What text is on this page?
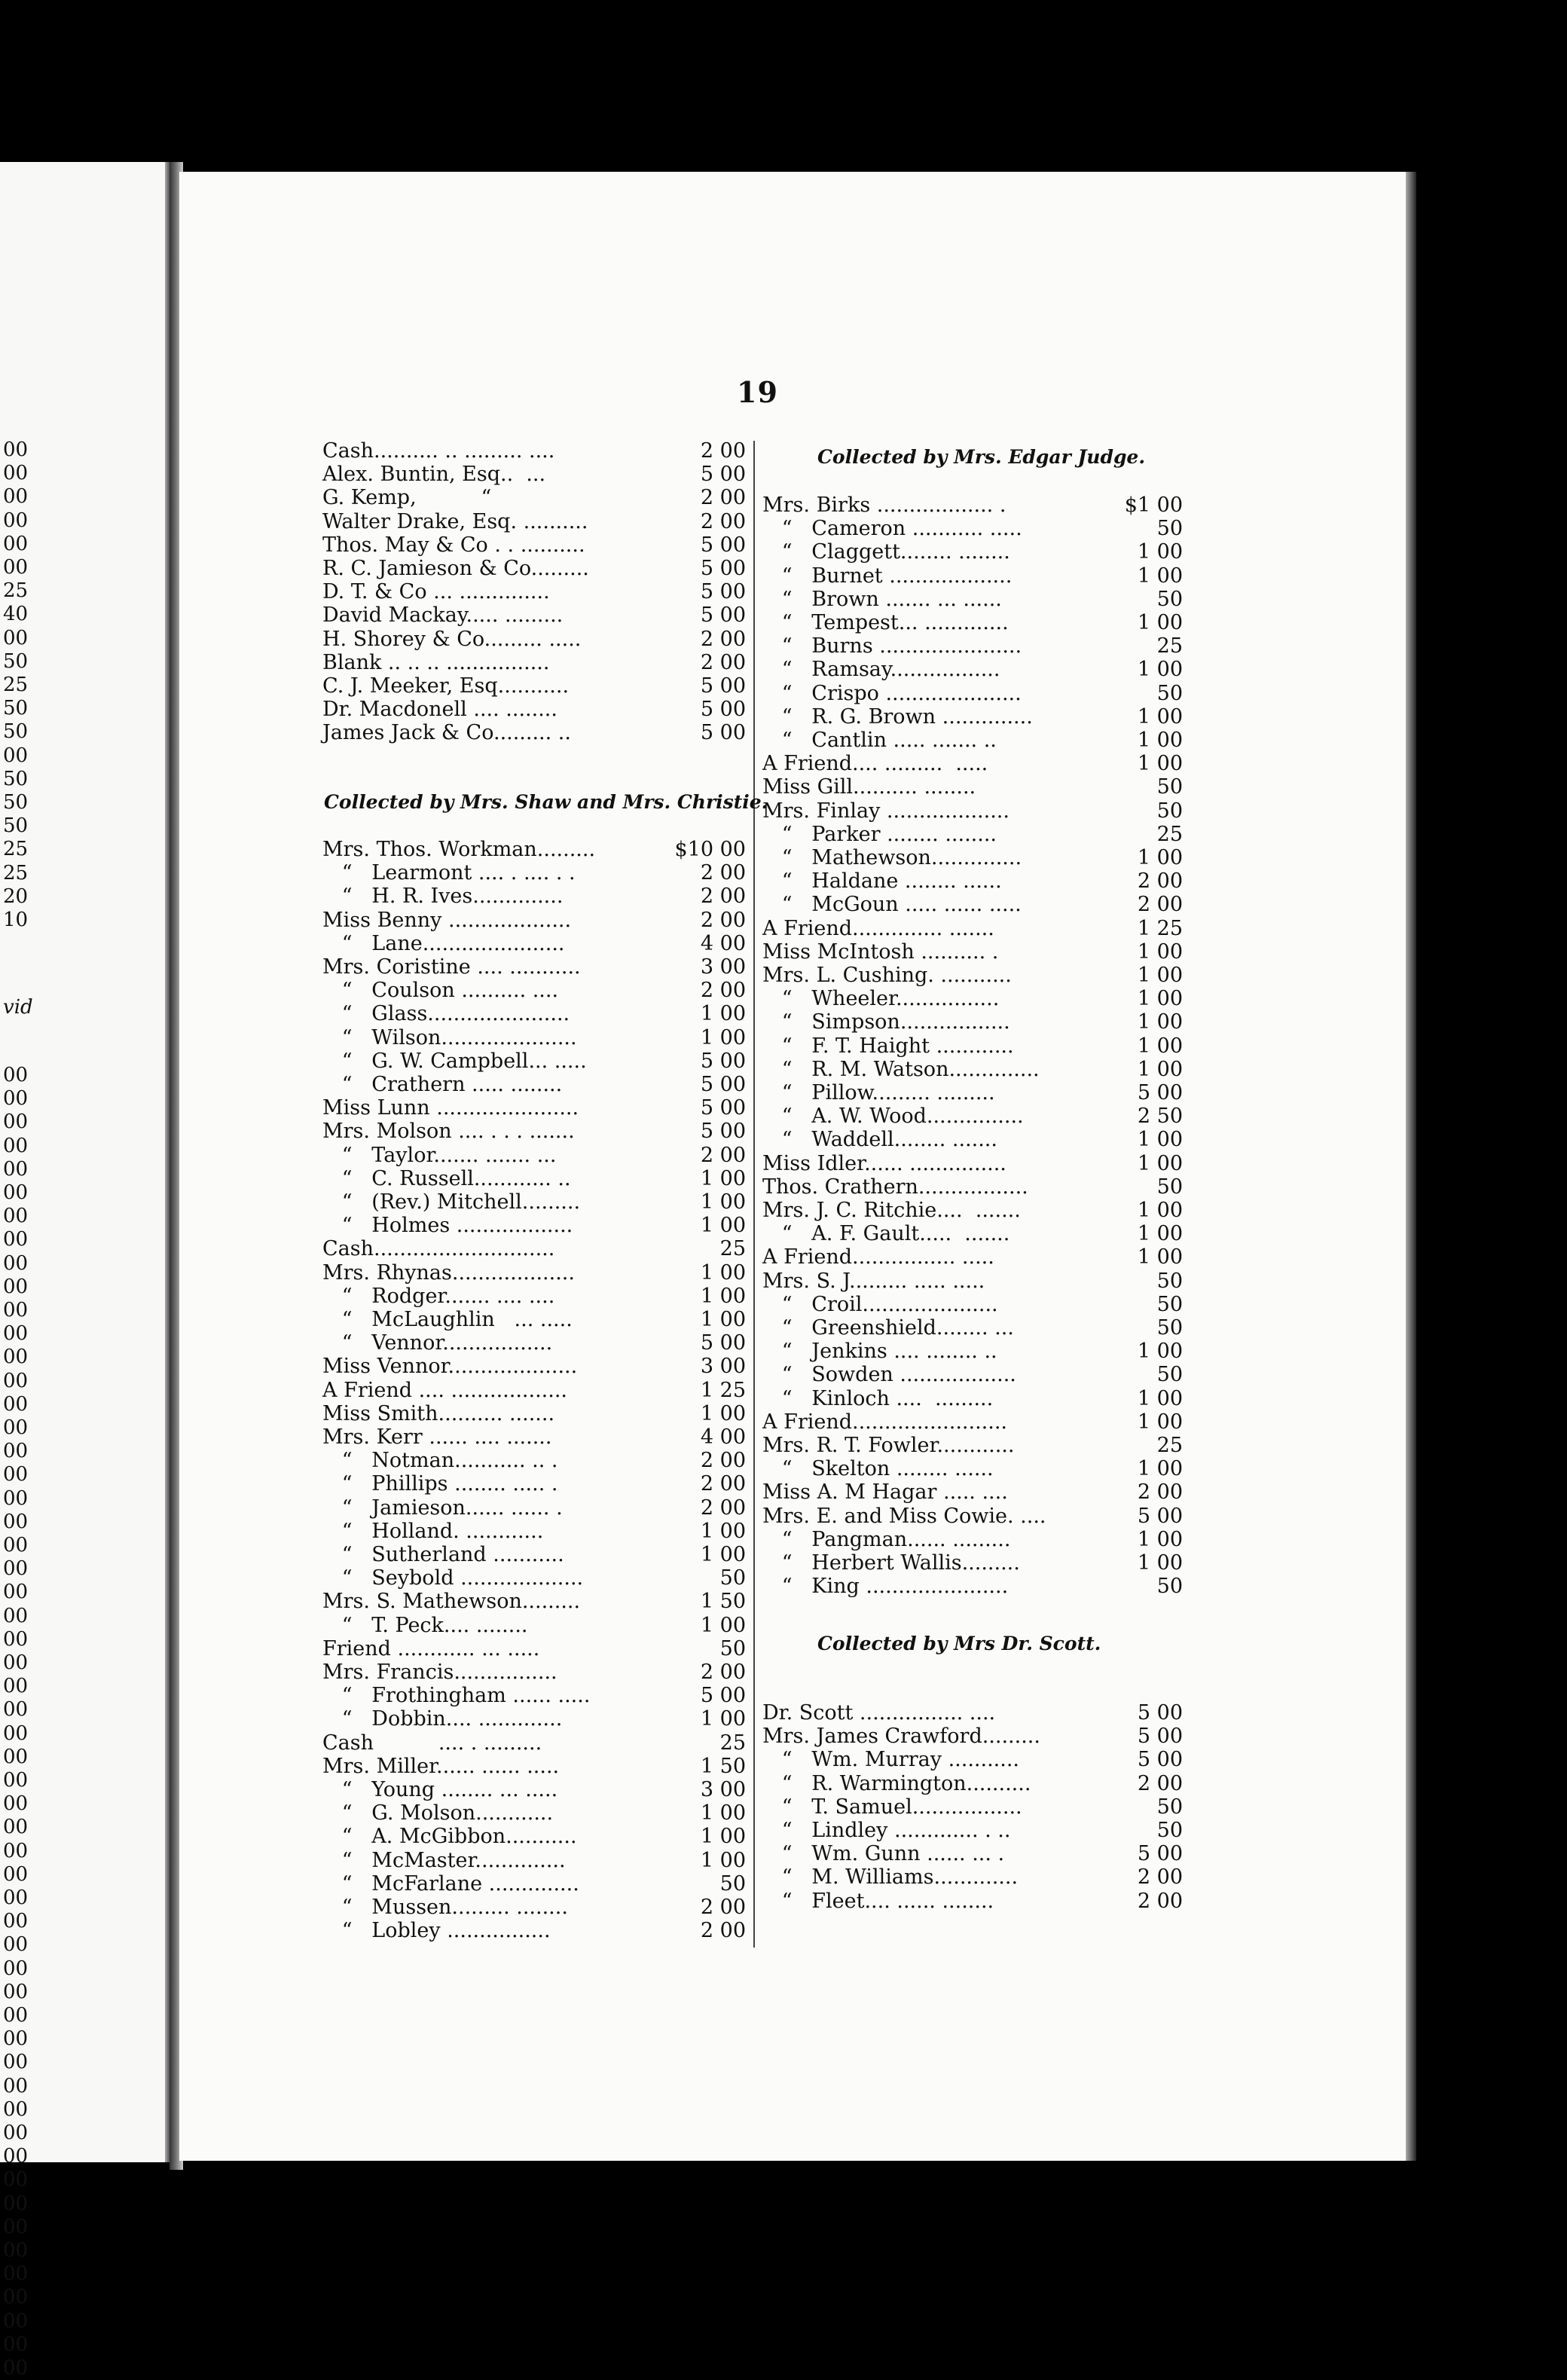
19
00
00
00
00
00
00
25
40
00
50
25
50
50
00
50
50
50
25
25
20
10
vid
00
00
00
00
00
00
00
00
00
00
00
00
00
00
00
00
00
00
00
00
00
00
00
00
00
00
00
00
00
00
00
00
00
00
00
00
00
00
00
00
00
00
00
00
00
00
00
00
00
00
00
00
00
00
00
00
Cash.......... .. ......... ....	2 00
Alex. Buntin, Esq..  ...	5 00
G. Kemp,          “	2 00
Walter Drake, Esq. ..........	2 00
Thos. May & Co . . ..........	5 00
R. C. Jamieson & Co.........	5 00
D. T. & Co ... ..............	5 00
David Mackay..... .........	5 00
H. Shorey & Co......... .....	2 00
Blank .. .. .. ................	2 00
C. J. Meeker, Esq...........	5 00
Dr. Macdonell .... ........	5 00
James Jack & Co......... ..	5 00
Collected by Mrs. Shaw and Mrs. Christie.
Mrs. Thos. Workman.........	$10 00
“   Learmont .... . .... . .	2 00
“   H. R. Ives..............	2 00
Miss Benny ...................	2 00
“   Lane......................	4 00
Mrs. Coristine .... ...........	3 00
“   Coulson .......... ....	2 00
“   Glass......................	1 00
“   Wilson.....................	1 00
“   G. W. Campbell... .....	5 00
“   Crathern ..... ........	5 00
Miss Lunn ......................	5 00
Mrs. Molson .... . . . .......	5 00
“   Taylor....... ....... ...	2 00
“   C. Russell............ ..	1 00
“   (Rev.) Mitchell.........	1 00
“   Holmes ..................	1 00
Cash............................	25
Mrs. Rhynas...................	1 00
“   Rodger....... .... ....	1 00
“   McLaughlin   ... .....	1 00
“   Vennor.................	5 00
Miss Vennor....................	3 00
A Friend .... ..................	1 25
Miss Smith.......... .......	1 00
Mrs. Kerr ...... .... .......	4 00
“   Notman........... .. .	2 00
“   Phillips ........ ..... .	2 00
“   Jamieson...... ...... .	2 00
“   Holland. ............	1 00
“   Sutherland ...........	1 00
“   Seybold ...................	50
Mrs. S. Mathewson.........	1 50
“   T. Peck.... ........	1 00
Friend ............ ... .....	50
Mrs. Francis................	2 00
“   Frothingham ...... .....	5 00
“   Dobbin.... .............	1 00
Cash          .... . .........	25
Mrs. Miller...... ...... .....	1 50
“   Young ........ ... .....	3 00
“   G. Molson............	1 00
“   A. McGibbon...........	1 00
“   McMaster..............	1 00
“   McFarlane ..............	50
“   Mussen......... ........	2 00
“   Lobley ................	2 00
Collected by Mrs. Edgar Judge.
Mrs. Birks .................. .	$1 00
“   Cameron ........... .....	50
“   Claggett........ ........	1 00
“   Burnet ...................	1 00
“   Brown ....... ... ......	50
“   Tempest... .............	1 00
“   Burns ......................	25
“   Ramsay.................	1 00
“   Crispo .....................	50
“   R. G. Brown ..............	1 00
“   Cantlin ..... ....... ..	1 00
A Friend.... .........  .....	1 00
Miss Gill.......... ........	50
Mrs. Finlay ...................	50
“   Parker ........ ........	25
“   Mathewson..............	1 00
“   Haldane ........ ......	2 00
“   McGoun ..... ...... .....	2 00
A Friend.............. .......	1 25
Miss McIntosh .......... .	1 00
Mrs. L. Cushing. ...........	1 00
“   Wheeler................	1 00
“   Simpson.................	1 00
“   F. T. Haight ............	1 00
“   R. M. Watson..............	1 00
“   Pillow......... .........	5 00
“   A. W. Wood...............	2 50
“   Waddell........ .......	1 00
Miss Idler...... ...............	1 00
Thos. Crathern.................	50
Mrs. J. C. Ritchie....  .......	1 00
“   A. F. Gault.....  .......	1 00
A Friend................ .....	1 00
Mrs. S. J......... ..... .....	50
“   Croil.....................	50
“   Greenshield........ ...	50
“   Jenkins .... ........ ..	1 00
“   Sowden ..................	50
“   Kinloch ....  .........	1 00
A Friend........................	1 00
Mrs. R. T. Fowler............	25
“   Skelton ........ ......	1 00
Miss A. M Hagar ..... ....	2 00
Mrs. E. and Miss Cowie. ....	5 00
“   Pangman...... .........	1 00
“   Herbert Wallis.........	1 00
“   King ......................	50
Collected by Mrs Dr. Scott.
Dr. Scott ................ ....	5 00
Mrs. James Crawford.........	5 00
“   Wm. Murray ...........	5 00
“   R. Warmington..........	2 00
“   T. Samuel.................	50
“   Lindley ............. . ..	50
“   Wm. Gunn ...... ... .	5 00
“   M. Williams.............	2 00
“   Fleet.... ...... ........	2 00
